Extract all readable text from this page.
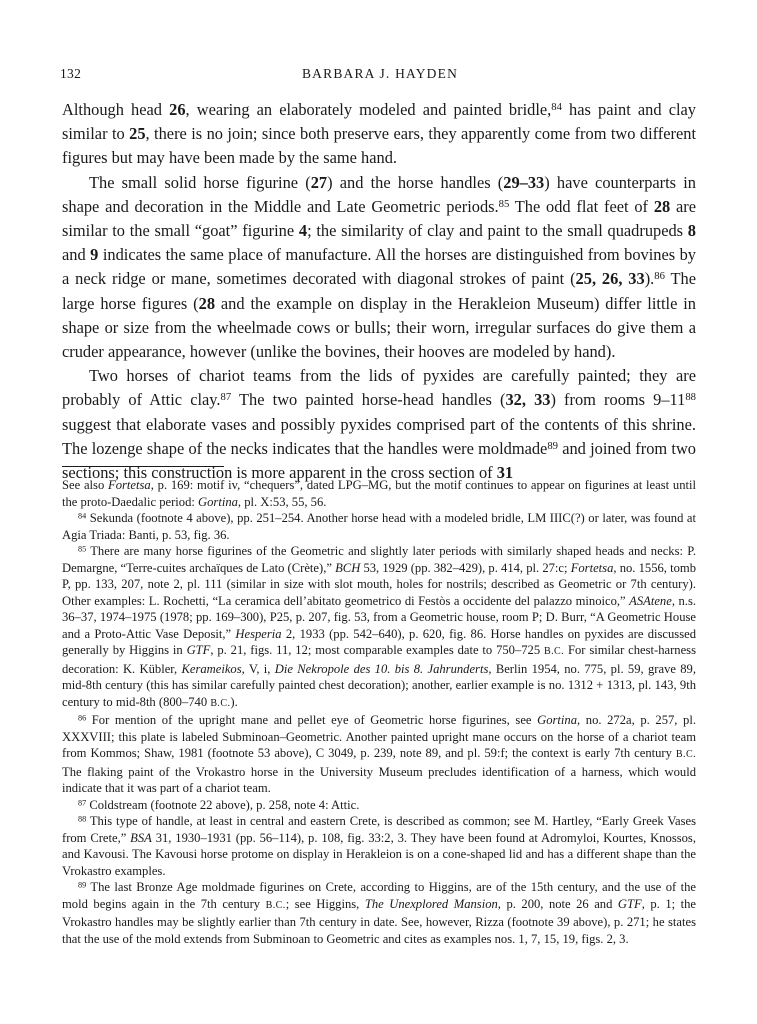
132	BARBARA J. HAYDEN

Although head 26, wearing an elaborately modeled and painted bridle,$^{84}$ has paint and clay similar to 25, there is no join; since both preserve ears, they apparently come from two different figures but may have been made by the same hand.

The small solid horse figurine (27) and the horse handles (29–33) have counterparts in shape and decoration in the Middle and Late Geometric periods.$^{85}$ The odd flat feet of 28 are similar to the small “goat” figurine 4; the similarity of clay and paint to the small quadrupeds 8 and 9 indicates the same place of manufacture. All the horses are distinguished from bovines by a neck ridge or mane, sometimes decorated with diagonal strokes of paint (25, 26, 33).$^{86}$ The large horse figures (28 and the example on display in the Herakleion Museum) differ little in shape or size from the wheelmade cows or bulls; their worn, irregular surfaces do give them a cruder appearance, however (unlike the bovines, their hooves are modeled by hand).

Two horses of chariot teams from the lids of pyxides are carefully painted; they are probably of Attic clay.$^{87}$ The two painted horse-head handles (32, 33) from rooms $9-11^{88}$ suggest that elaborate vases and possibly pyxides comprised part of the contents of this shrine. The lozenge shape of the necks indicates that the handles were moldmade$^{89}$ and joined from two sections; this construction is more apparent in the cross section of 31

See also Fortetsa, p. 169: motif iv, “chequers”, dated LPG–MG, but the motif continues to appear on figurines at least until the proto-Daedalic period: Gortina, pl. X:53, 55, 56.

$^{84}$ Sekunda (footnote 4 above), pp. 251–254. Another horse head with a modeled bridle, LM IIIC(?) or later, was found at Agia Triada: Banti, p. 53, fig. 36.

$^{85}$ There are many horse figurines of the Geometric and slightly later periods with similarly shaped heads and necks: P. Demargne, “Terre-cuites archaïques de Lato (Crète),” BCH 53, 1929 (pp. 382–429), p. 414, pl. 27:c; Fortetsa, no. 1556, tomb P, pp. 133, 207, note 2, pl. 111 (similar in size with slot mouth, holes for nostrils; described as Geometric or 7th century). Other examples: L. Rochetti, “La ceramica dell’abitato geometrico di Festòs a occidente del palazzo minoico,” ASAtene, n.s. 36–37, 1974–1975 (1978; pp. 169–300), P25, p. 207, fig. 53, from a Geometric house, room P; D. Burr, “A Geometric House and a Proto-Attic Vase Deposit,” Hesperia 2, 1933 (pp. 542–640), p. 620, fig. 86. Horse handles on pyxides are discussed generally by Higgins in GTF, p. 21, figs. 11, 12; most comparable examples date to 750–725 B.C. For similar chest-harness decoration: K. Kübler, Kerameikos, V, i, Die Nekropole des 10. bis 8. Jahrunderts, Berlin 1954, no. 775, pl. 59, grave 89, mid-8th century (this has similar carefully painted chest decoration); another, earlier example is no. 1312 + 1313, pl. 143, 9th century to mid-8th (800–740 B.C.).

$^{86}$ For mention of the upright mane and pellet eye of Geometric horse figurines, see Gortina, no. 272a, p. 257, pl. XXXVIII; this plate is labeled Subminoan–Geometric. Another painted upright mane occurs on the horse of a chariot team from Kommos; Shaw, 1981 (footnote 53 above), C 3049, p. 239, note 89, and pl. 59:f; the context is early 7th century B.C. The flaking paint of the Vrokastro horse in the University Museum precludes identification of a harness, which would indicate that it was part of a chariot team.

$^{87}$ Coldstream (footnote 22 above), p. 258, note 4: Attic.

$^{88}$ This type of handle, at least in central and eastern Crete, is described as common; see M. Hartley, “Early Greek Vases from Crete,” BSA 31, 1930–1931 (pp. 56–114), p. 108, fig. 33:2, 3. They have been found at Adromyloi, Kourtes, Knossos, and Kavousi. The Kavousi horse protome on display in Herakleion is on a cone-shaped lid and has a different shape than the Vrokastro examples.

$^{89}$ The last Bronze Age moldmade figurines on Crete, according to Higgins, are of the 15th century, and the use of the mold begins again in the 7th century B.C.; see Higgins, The Unexplored Mansion, p. 200, note 26 and GTF, p. 1; the Vrokastro handles may be slightly earlier than 7th century in date. See, however, Rizza (footnote 39 above), p. 271; he states that the use of the mold extends from Subminoan to Geometric and cites as examples nos. 1, 7, 15, 19, figs. 2, 3.
